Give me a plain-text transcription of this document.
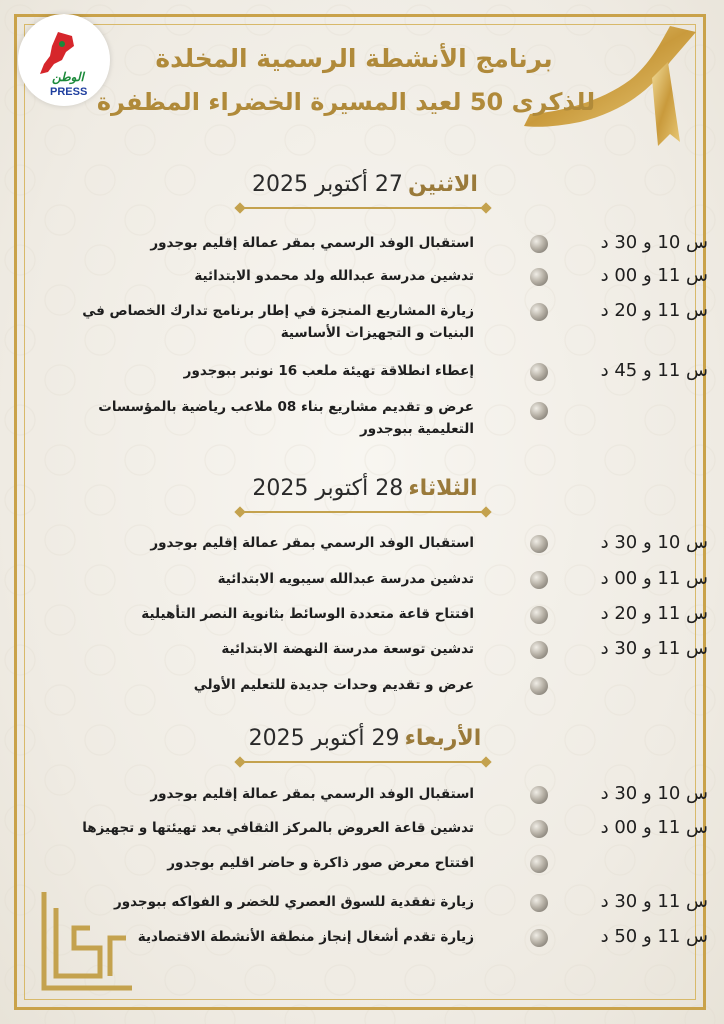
الوطن
PRESS
برنامج الأنشطة الرسمية المخلدة
للذكرى 50 لعيد المسيرة الخضراء المظفرة
الاثنين 27 أكتوبر 2025
س 10 و 30 د
استقبال الوفد الرسمي بمقر عمالة إقليم بوجدور
س 11 و 00 د
تدشين مدرسة عبدالله ولد محمدو الابتدائية
س 11 و 20 د
زيارة المشاريع المنجزة في إطار برنامج تدارك الخصاص في البنيات و التجهيزات الأساسية
س 11 و 45 د
إعطاء انطلاقة تهيئة ملعب 16 نونبر ببوجدور
عرض و تقديم مشاريع بناء 08 ملاعب رياضية بالمؤسسات التعليمية ببوجدور
الثلاثاء 28 أكتوبر 2025
س 10 و 30 د
استقبال الوفد الرسمي بمقر عمالة إقليم بوجدور
س 11 و 00 د
تدشين مدرسة عبدالله سيبويه الابتدائية
س 11 و 20 د
افتتاح قاعة متعددة الوسائط بثانوية النصر التأهيلية
س 11 و 30 د
تدشين توسعة مدرسة النهضة الابتدائية
عرض و تقديم وحدات جديدة للتعليم الأولي
الأربعاء 29 أكتوبر 2025
س 10 و 30 د
استقبال الوفد الرسمي بمقر عمالة إقليم بوجدور
س 11 و 00 د
تدشين قاعة العروض بالمركز الثقافي بعد تهيئتها و تجهيزها
افتتاح معرض صور ذاكرة و حاضر اقليم بوجدور
س 11 و 30 د
زيارة تفقدية للسوق العصري للخضر و الفواكه ببوجدور
س 11 و 50 د
زيارة تقدم أشغال إنجاز منطقة الأنشطة الاقتصادية
